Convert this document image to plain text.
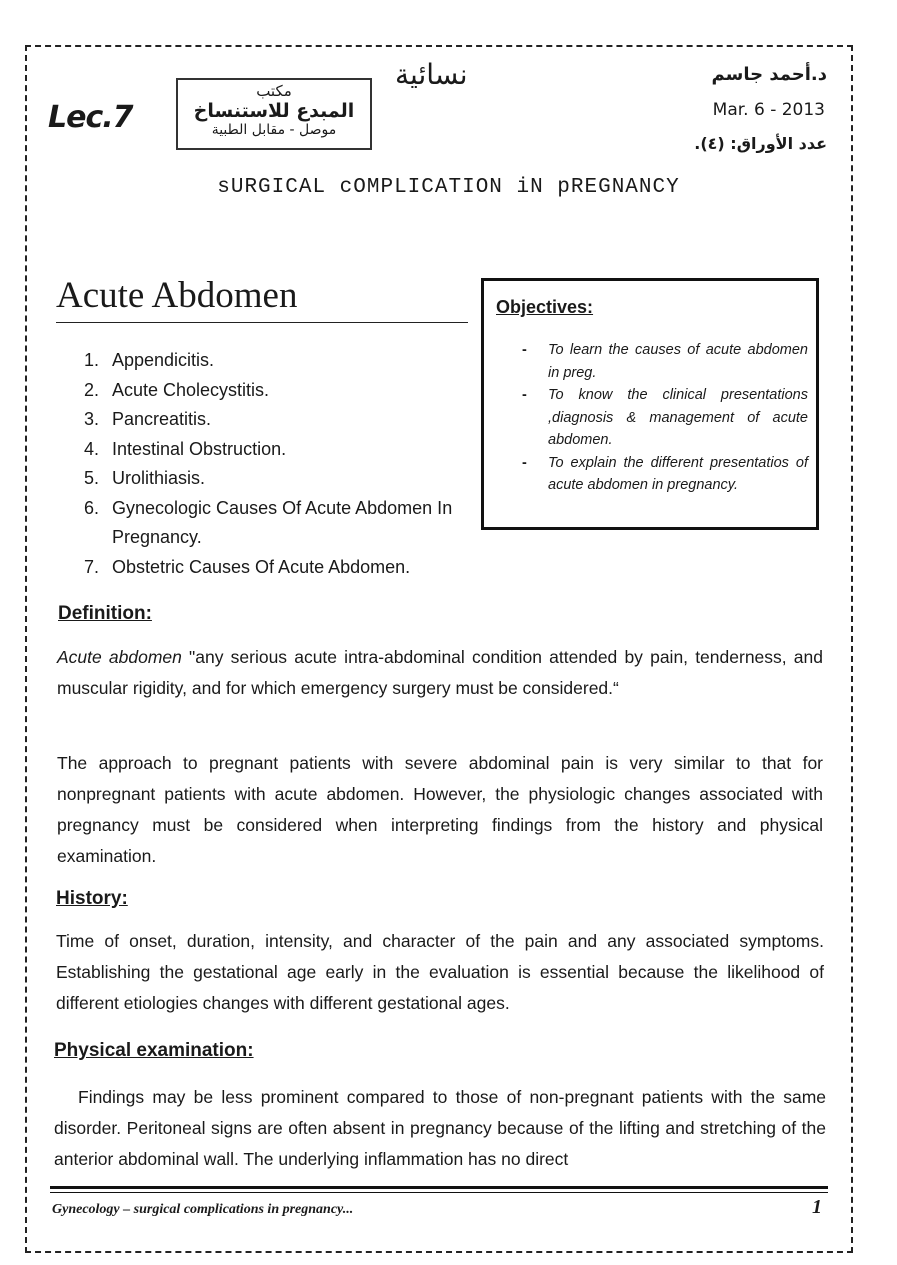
Lec.7
مكتب
المبدع للاستنساخ
موصل - مقابل الطبية
نسائية	د.أحمد جاسم
Mar. 6 - 2013
عدد الأوراق: (٤).
sURGICAL cOMPLICATION iN pREGNANCY
Acute Abdomen
1. Appendicitis.
2. Acute Cholecystitis.
3. Pancreatitis.
4. Intestinal Obstruction.
5. Urolithiasis.
6. Gynecologic Causes Of Acute Abdomen In Pregnancy.
7. Obstetric Causes Of Acute Abdomen.
Objectives:
- To learn the causes of acute abdomen in preg.
- To know the clinical presentations ,diagnosis & management of acute abdomen.
- To explain the different presentatios of acute abdomen in pregnancy.
Definition:
Acute abdomen "any serious acute intra-abdominal condition attended by pain, tenderness, and muscular rigidity, and for which emergency surgery must be considered.“
The approach to pregnant patients with severe abdominal pain is very similar to that for nonpregnant patients with acute abdomen. However, the physiologic changes associated with pregnancy must be considered when interpreting findings from the history and physical examination.
History:
Time of onset, duration, intensity, and character of the pain and any associated symptoms. Establishing the gestational age early in the evaluation is essential because the likelihood of different etiologies changes with different gestational ages.
Physical examination:
Findings may be less prominent compared to those of non-pregnant patients with the same disorder. Peritoneal signs are often absent in pregnancy because of the lifting and stretching of the anterior abdominal wall. The underlying inflammation has no direct
Gynecology – surgical complications in pregnancy...	1
